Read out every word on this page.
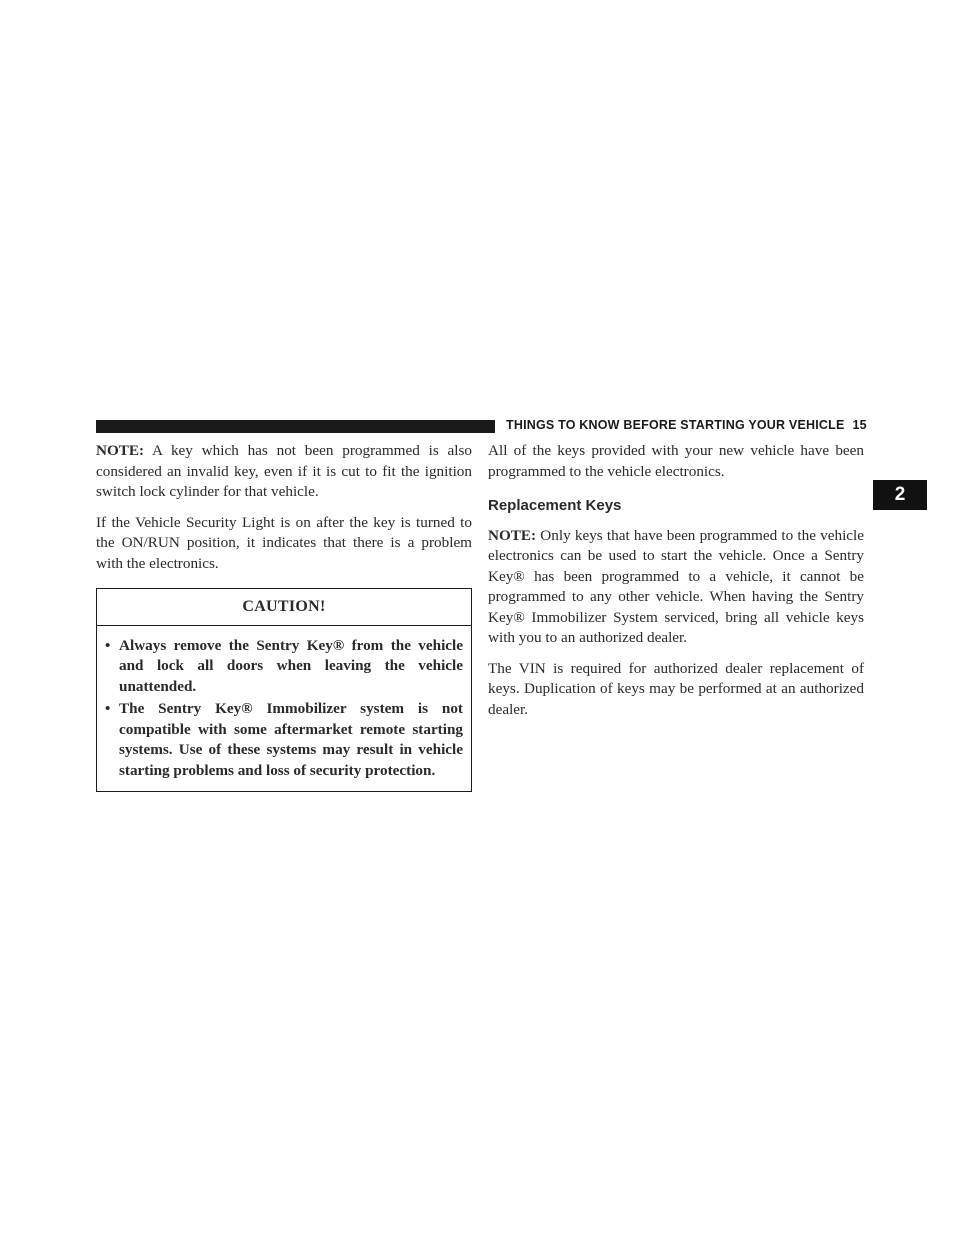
THINGS TO KNOW BEFORE STARTING YOUR VEHICLE 15
2

NOTE: A key which has not been programmed is also considered an invalid key, even if it is cut to fit the ignition switch lock cylinder for that vehicle.

If the Vehicle Security Light is on after the key is turned to the ON/RUN position, it indicates that there is a problem with the electronics.

CAUTION!
• Always remove the Sentry Key® from the vehicle and lock all doors when leaving the vehicle unattended.
• The Sentry Key® Immobilizer system is not compatible with some aftermarket remote starting systems. Use of these systems may result in vehicle starting problems and loss of security protection.

All of the keys provided with your new vehicle have been programmed to the vehicle electronics.

Replacement Keys

NOTE: Only keys that have been programmed to the vehicle electronics can be used to start the vehicle. Once a Sentry Key® has been programmed to a vehicle, it cannot be programmed to any other vehicle. When having the Sentry Key® Immobilizer System serviced, bring all vehicle keys with you to an authorized dealer.

The VIN is required for authorized dealer replacement of keys. Duplication of keys may be performed at an authorized dealer.
